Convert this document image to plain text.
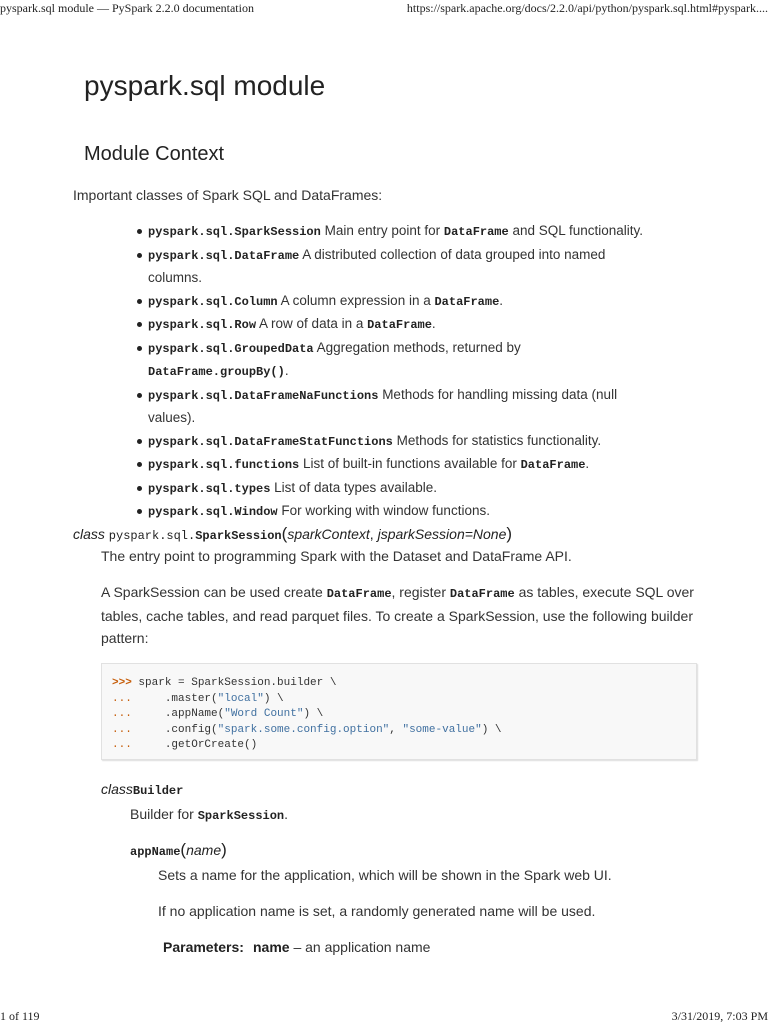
pyspark.sql module — PySpark 2.2.0 documentation	https://spark.apache.org/docs/2.2.0/api/python/pyspark.sql.html#pyspark....
pyspark.sql module
Module Context
Important classes of Spark SQL and DataFrames:
pyspark.sql.SparkSession Main entry point for DataFrame and SQL functionality.
pyspark.sql.DataFrame A distributed collection of data grouped into named columns.
pyspark.sql.Column A column expression in a DataFrame.
pyspark.sql.Row A row of data in a DataFrame.
pyspark.sql.GroupedData Aggregation methods, returned by DataFrame.groupBy().
pyspark.sql.DataFrameNaFunctions Methods for handling missing data (null values).
pyspark.sql.DataFrameStatFunctions Methods for statistics functionality.
pyspark.sql.functions List of built-in functions available for DataFrame.
pyspark.sql.types List of data types available.
pyspark.sql.Window For working with window functions.
class pyspark.sql.SparkSession(sparkContext, jsparkSession=None)
The entry point to programming Spark with the Dataset and DataFrame API.
A SparkSession can be used create DataFrame, register DataFrame as tables, execute SQL over tables, cache tables, and read parquet files. To create a SparkSession, use the following builder pattern:
>>> spark = SparkSession.builder \
...     .master("local") \
...     .appName("Word Count") \
...     .config("spark.some.config.option", "some-value") \
...     .getOrCreate()
classBuilder
Builder for SparkSession.
appName(name)
Sets a name for the application, which will be shown in the Spark web UI.
If no application name is set, a randomly generated name will be used.
Parameters: name – an application name
1 of 119	3/31/2019, 7:03 PM
